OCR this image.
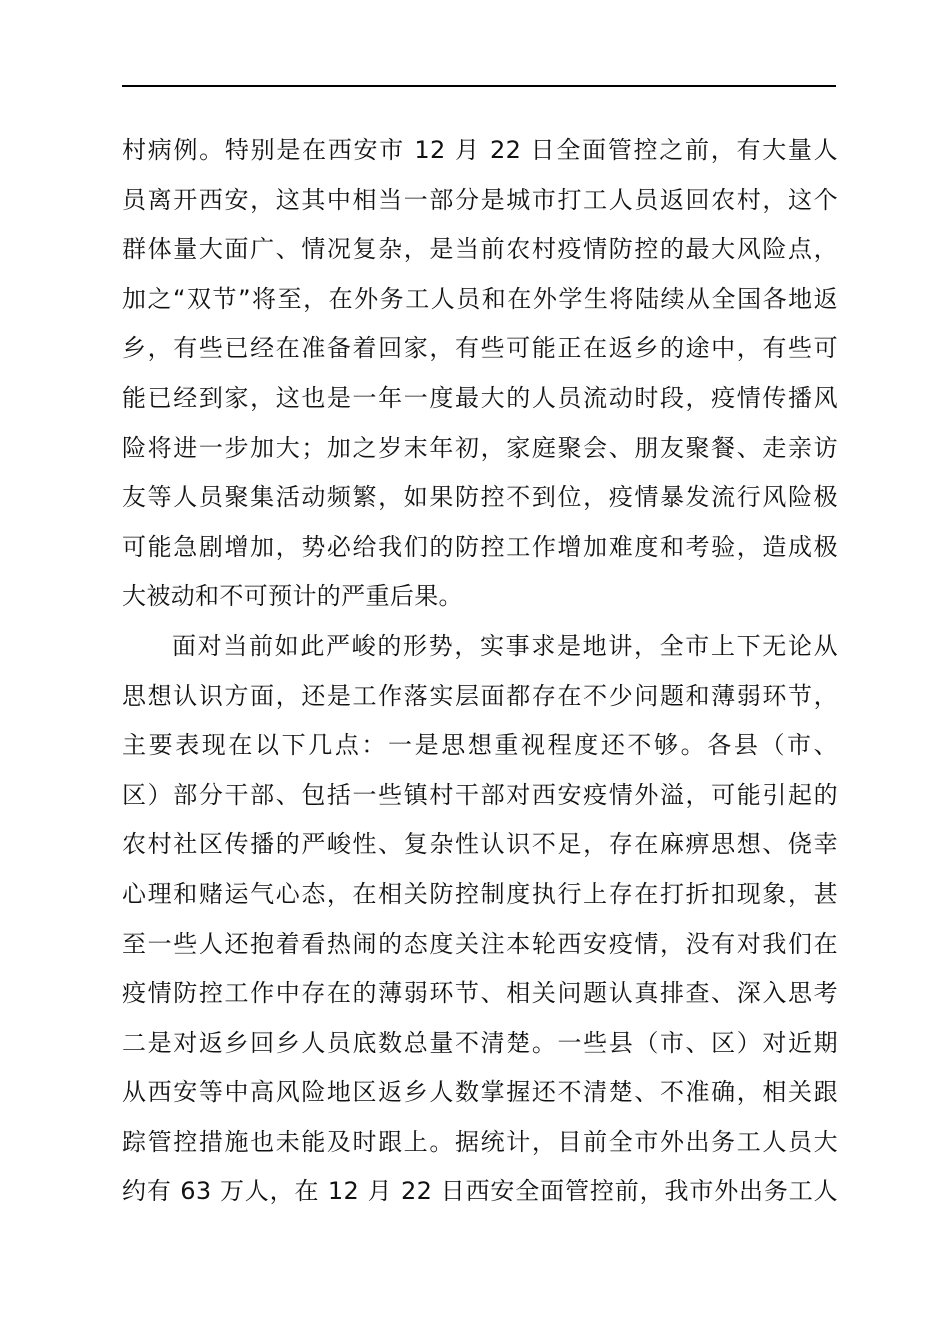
村病例。特别是在西安市 12 月 22 日全面管控之前，有大量人
员离开西安，这其中相当一部分是城市打工人员返回农村，这个
群体量大面广、情况复杂，是当前农村疫情防控的最大风险点，
加之“双节”将至，在外务工人员和在外学生将陆续从全国各地返
乡，有些已经在准备着回家，有些可能正在返乡的途中，有些可
能已经到家，这也是一年一度最大的人员流动时段，疫情传播风
险将进一步加大；加之岁末年初，家庭聚会、朋友聚餐、走亲访
友等人员聚集活动频繁，如果防控不到位，疫情暴发流行风险极
可能急剧增加，势必给我们的防控工作增加难度和考验，造成极
大被动和不可预计的严重后果。
面对当前如此严峻的形势，实事求是地讲，全市上下无论从
思想认识方面，还是工作落实层面都存在不少问题和薄弱环节，
主要表现在以下几点：一是思想重视程度还不够。各县（市、
区）部分干部、包括一些镇村干部对西安疫情外溢，可能引起的
农村社区传播的严峻性、复杂性认识不足，存在麻痹思想、侥幸
心理和赌运气心态，在相关防控制度执行上存在打折扣现象，甚
至一些人还抱着看热闹的态度关注本轮西安疫情，没有对我们在
疫情防控工作中存在的薄弱环节、相关问题认真排查、深入思考
二是对返乡回乡人员底数总量不清楚。一些县（市、区）对近期
从西安等中高风险地区返乡人数掌握还不清楚、不准确，相关跟
踪管控措施也未能及时跟上。据统计，目前全市外出务工人员大
约有 63 万人，在 12 月 22 日西安全面管控前，我市外出务工人
